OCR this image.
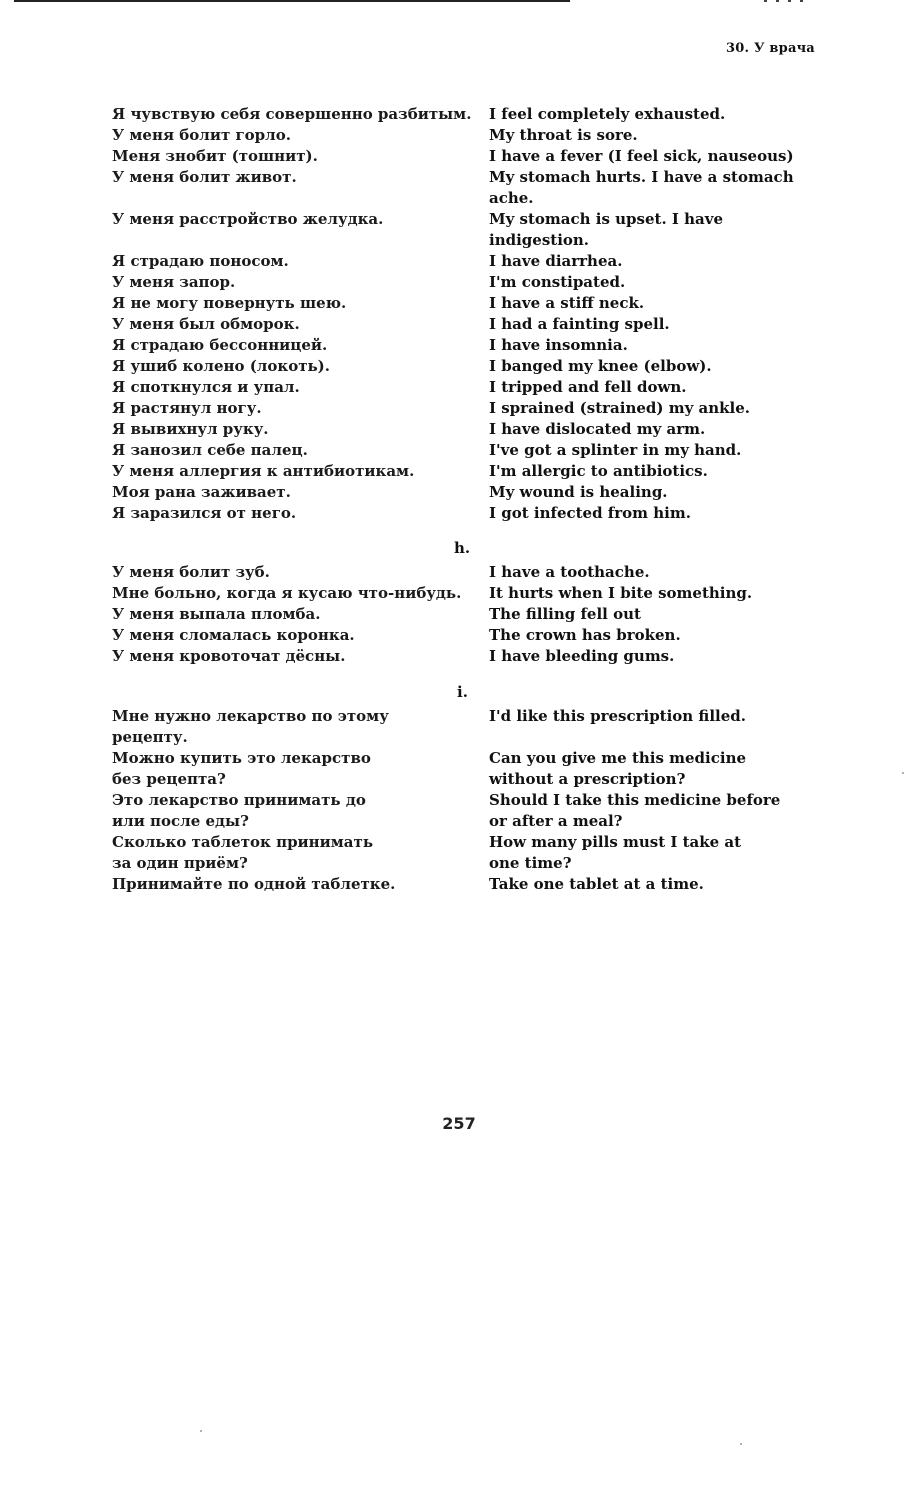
30. У врача
Я чувствую себя совершенно разбитым. I feel completely exhausted.
У меня болит горло.	My throat is sore.
Меня знобит (тошнит).	I have a fever (I feel sick, nauseous)
У меня болит живот.	My stomach hurts. I have a stomach
ache.
У меня расстройство желудка.	My stomach is upset. I have
indigestion.
Я страдаю поносом.	I have diarrhea.
У меня запор.	I'm constipated.
Я не могу повернуть шею.	I have a stiff neck.
У меня был обморок.	I had a fainting spell.
Я страдаю бессонницей.	I have insomnia.
Я ушиб колено (локоть).	I banged my knee (elbow).
Я споткнулся и упал.	I tripped and fell down.
Я растянул ногу.	I sprained (strained) my ankle.
Я вывихнул руку.	I have dislocated my arm.
Я занозил себе палец.	I've got a splinter in my hand.
У меня аллергия к антибиотикам.	I'm allergic to antibiotics.
Моя рана заживает.	My wound is healing.
Я заразился от него.	I got infected from him.
h.
У меня болит зуб.	I have a toothache.
Мне больно, когда я кусаю что-нибудь. It hurts when I bite something.
У меня выпала пломба.	The filling fell out
У меня сломалась коронка.	The crown has broken.
У меня кровоточат дёсны.	I have bleeding gums.
i.
Мне нужно лекарство по этому	I'd like this prescription filled.
рецепту.
Можно купить это лекарство	Can you give me this medicine
без рецепта?	without a prescription?
Это лекарство принимать до	Should I take this medicine before
или после еды?	or after a meal?
Сколько таблеток принимать	How many pills must I take at
за один приём?	one time?
Принимайте по одной таблетке.	Take one tablet at a time.
257
